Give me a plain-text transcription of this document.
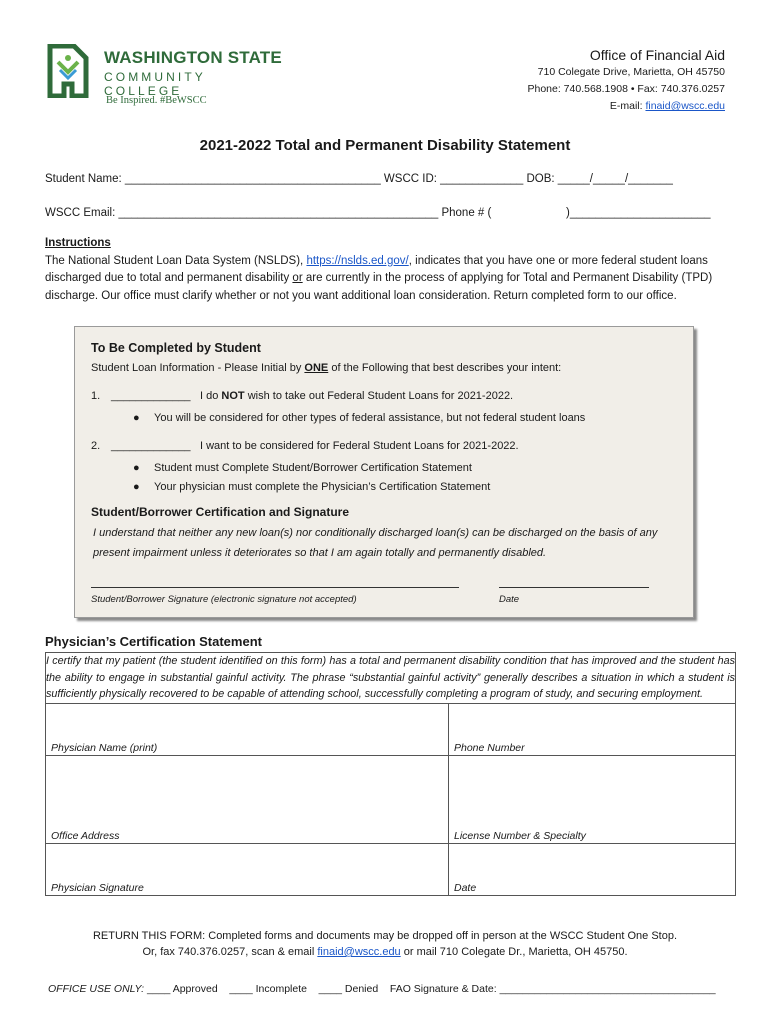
WASHINGTON STATE
COMMUNITY COLLEGE
Be Inspired. #BeWSCC
Office of Financial Aid
710 Colegate Drive, Marietta, OH 45750
Phone: 740.568.1908 • Fax: 740.376.0257
E-mail: finaid@wscc.edu
2021-2022 Total and Permanent Disability Statement
Student Name: ________________________________________ WSCC ID: _____________ DOB: _____/_____/_______
WSCC Email: __________________________________________________ Phone # (	)______________________
Instructions
The National Student Loan Data System (NSLDS), https://nslds.ed.gov/, indicates that you have one or more federal student loans discharged due to total and permanent disability or are currently in the process of applying for Total and Permanent Disability (TPD) discharge. Our office must clarify whether or not you want additional loan consideration. Return completed form to our office.
To Be Completed by Student
Student Loan Information - Please Initial by ONE of the Following that best describes your intent:
1. _____________ I do NOT wish to take out Federal Student Loans for 2021-2022.
● You will be considered for other types of federal assistance, but not federal student loans
2. _____________ I want to be considered for Federal Student Loans for 2021-2022.
● Student must Complete Student/Borrower Certification Statement
● Your physician must complete the Physician’s Certification Statement
Student/Borrower Certification and Signature
I understand that neither any new loan(s) nor conditionally discharged loan(s) can be discharged on the basis of any present impairment unless it deteriorates so that I am again totally and permanently disabled.
Student/Borrower Signature (electronic signature not accepted)	Date
Physician’s Certification Statement
I certify that my patient (the student identified on this form) has a total and permanent disability condition that has improved and the student has the ability to engage in substantial gainful activity. The phrase “substantial gainful activity” generally describes a situation in which a student is sufficiently physically recovered to be capable of attending school, successfully completing a program of study, and securing employment.	

Physician Name (print)	Phone Number

Office Address	License Number & Specialty

Physician Signature	Date
RETURN THIS FORM: Completed forms and documents may be dropped off in person at the WSCC Student One Stop.
Or, fax 740.376.0257, scan & email finaid@wscc.edu or mail 710 Colegate Dr., Marietta, OH 45750.
OFFICE USE ONLY: ____ Approved    ____ Incomplete    ____ Denied    FAO Signature & Date: _____________________________________
